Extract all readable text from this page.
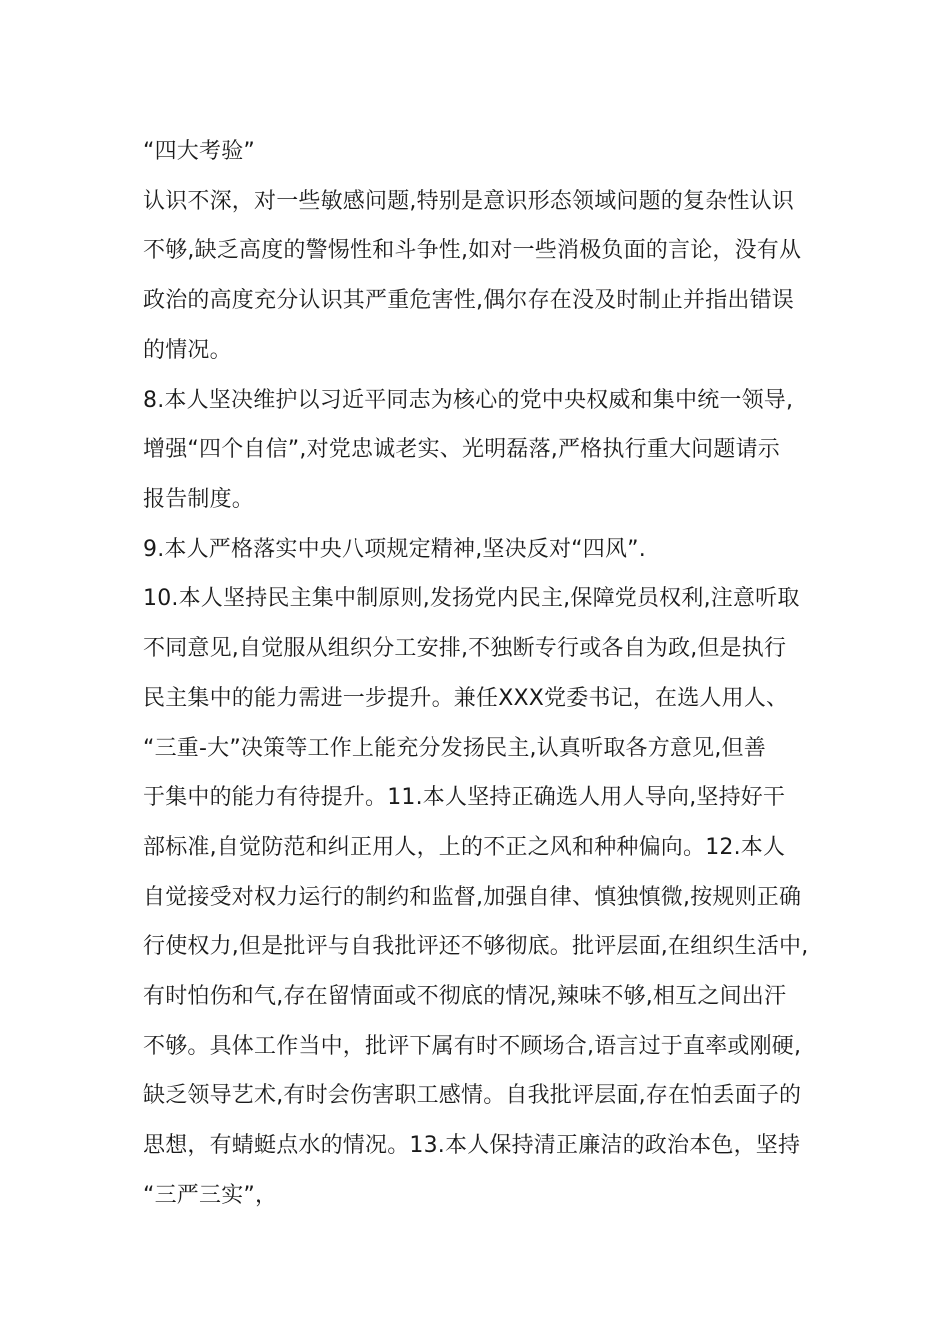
“四大考验”
认识不深，对一些敏感问题,特别是意识形态领域问题的复杂性认识
不够,缺乏高度的警惕性和斗争性,如对一些消极负面的言论，没有从
政治的高度充分认识其严重危害性,偶尔存在没及时制止并指出错误
的情况。
8.本人坚决维护以习近平同志为核心的党中央权威和集中统一领导,
增强“四个自信”,对党忠诚老实、光明磊落,严格执行重大问题请示
报告制度。
9.本人严格落实中央八项规定精神,坚决反对“四风”.
10.本人坚持民主集中制原则,发扬党内民主,保障党员权利,注意听取
不同意见,自觉服从组织分工安排,不独断专行或各自为政,但是执行
民主集中的能力需进一步提升。兼任XXX党委书记，在选人用人、
“三重-大”决策等工作上能充分发扬民主,认真听取各方意见,但善
于集中的能力有待提升。11.本人坚持正确选人用人导向,坚持好干
部标准,自觉防范和纠正用人，上的不正之风和种种偏向。12.本人
自觉接受对权力运行的制约和监督,加强自律、慎独慎微,按规则正确
行使权力,但是批评与自我批评还不够彻底。批评层面,在组织生活中,
有时怕伤和气,存在留情面或不彻底的情况,辣味不够,相互之间出汗
不够。具体工作当中，批评下属有时不顾场合,语言过于直率或刚硬,
缺乏领导艺术,有时会伤害职工感情。自我批评层面,存在怕丢面子的
思想，有蜻蜓点水的情况。13.本人保持清正廉洁的政治本色，坚持
“三严三实”，
